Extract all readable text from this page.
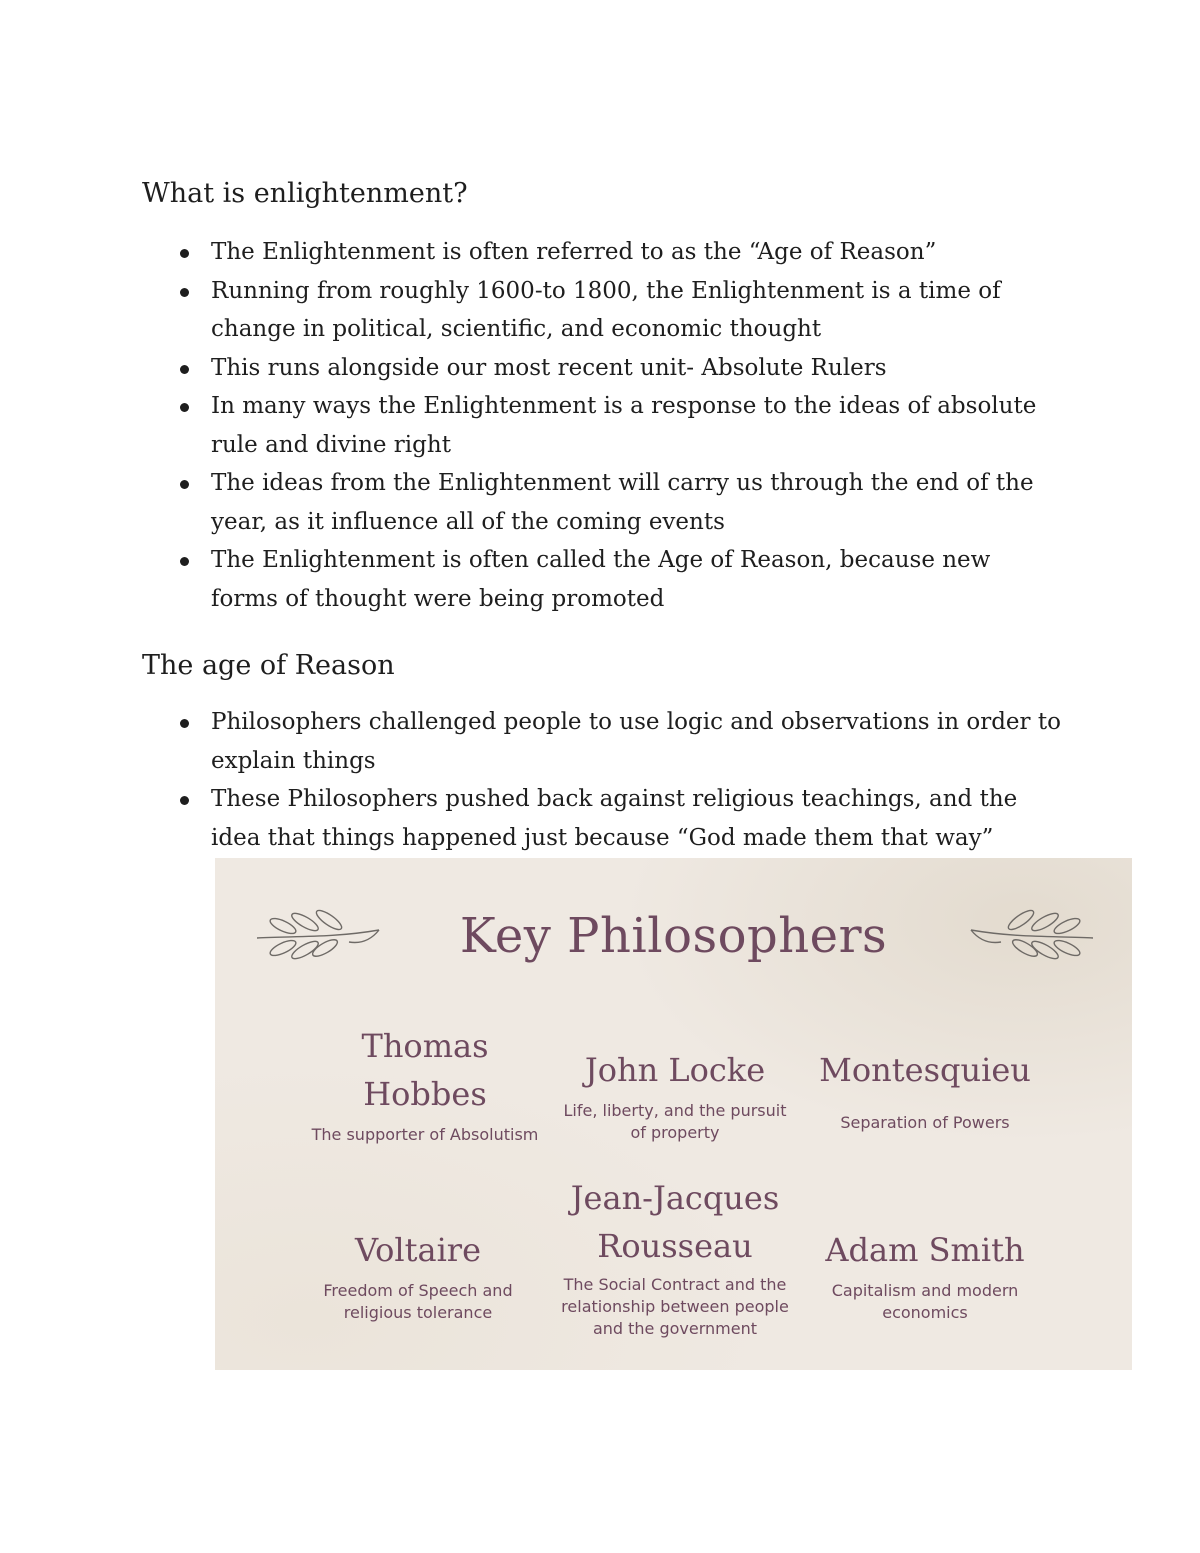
What is enlightenment?
The Enlightenment is often referred to as the “Age of Reason”
Running from roughly 1600-to 1800, the Enlightenment is a time of change in political, scientific, and economic thought
This runs alongside our most recent unit- Absolute Rulers
In many ways the Enlightenment is a response to the ideas of absolute rule and divine right
The ideas from the Enlightenment will carry us through the end of the year, as it influence all of the coming events
The Enlightenment is often called the Age of Reason, because new forms of thought were being promoted
The age of Reason
Philosophers challenged people to use logic and observations in order to explain things
These Philosophers pushed back against religious teachings, and the idea that things happened just because “God made them that way”
Key Philosophers
Thomas Hobbes
The supporter of Absolutism
John Locke
Life, liberty, and the pursuit of property
Montesquieu
Separation of Powers
Voltaire
Freedom of Speech and religious tolerance
Jean-Jacques Rousseau
The Social Contract and the relationship between people and the government
Adam Smith
Capitalism and modern economics
